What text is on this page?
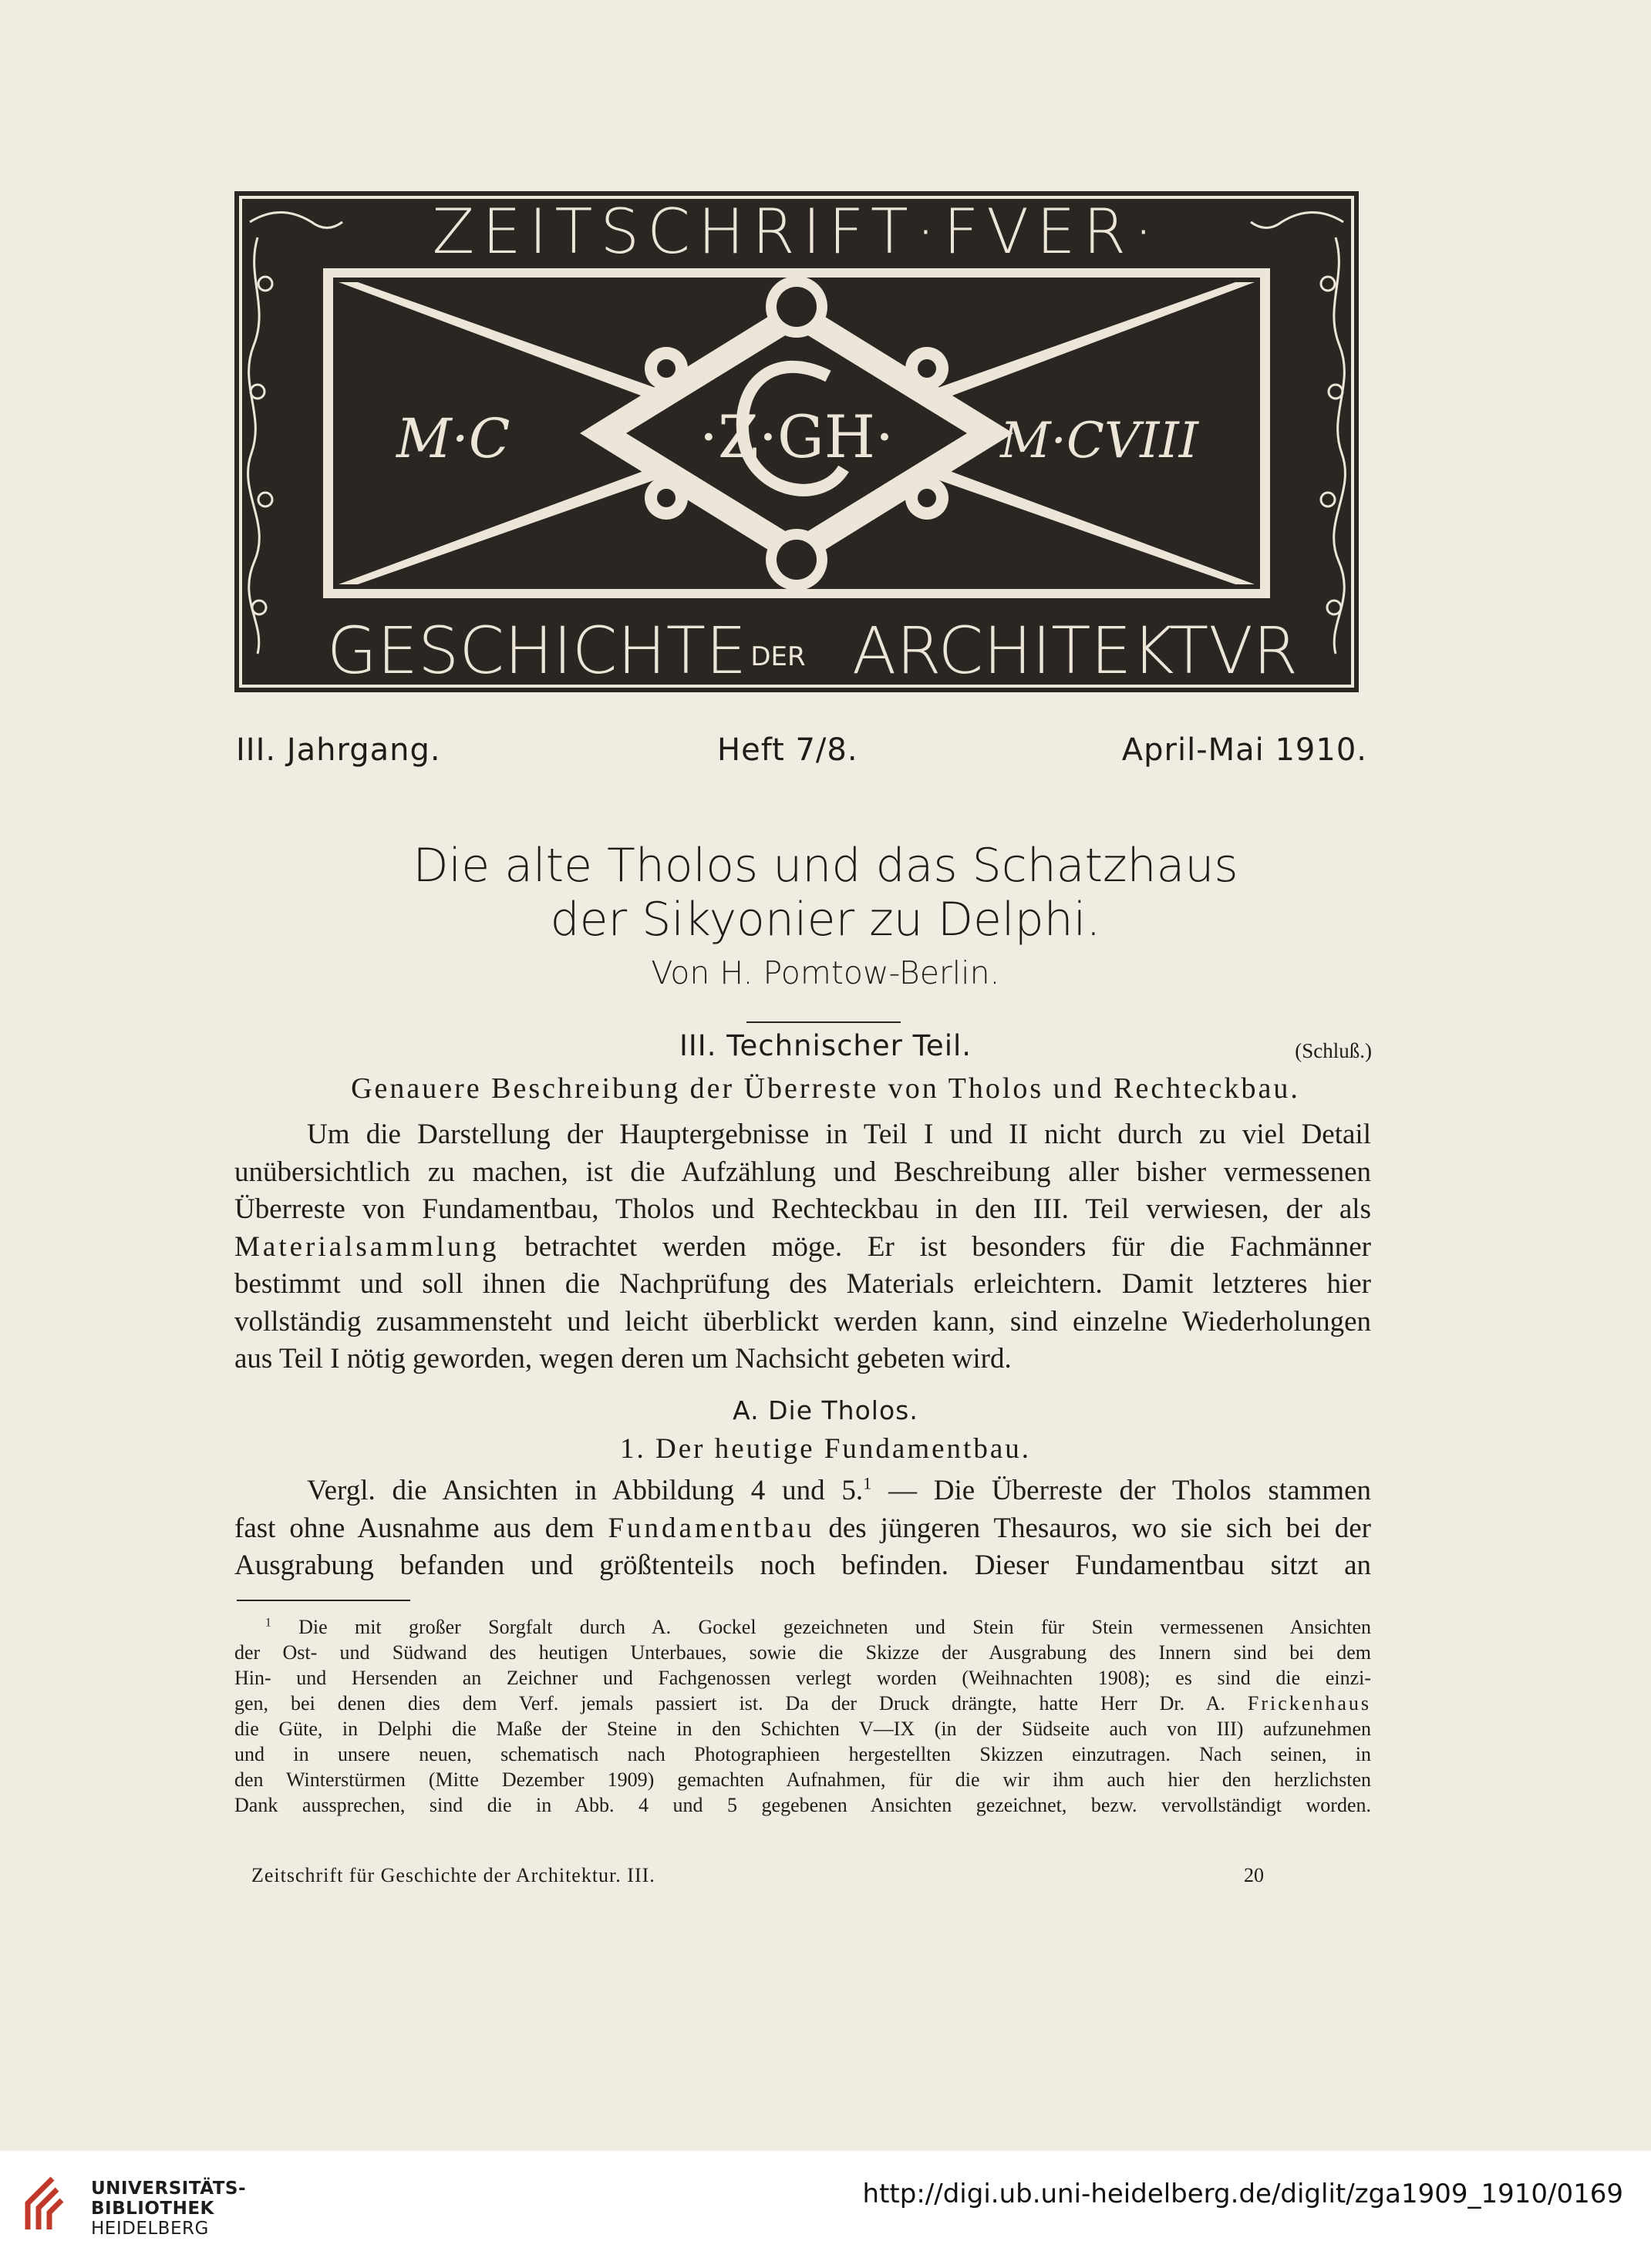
ZEITSCHRIFT·FVER·
·Z·GH·
M·C	M·CVIII
GESCHICHTE DER ARCHITEKTVR
III. Jahrgang.	Heft 7/8.	April-Mai 1910.
Die alte Tholos und das Schatzhaus
der Sikyonier zu Delphi.
Von H. Pomtow-Berlin.
III. Technischer Teil.	(Schluß.)
Genauere Beschreibung der Überreste von Tholos und Rechteckbau.

Um die Darstellung der Hauptergebnisse in Teil I und II nicht durch zu viel Detail

unübersichtlich zu machen, ist die Aufzählung und Beschreibung aller bisher vermessenen

Überreste von Fundamentbau, Tholos und Rechteckbau in den III. Teil verwiesen, der als

Materialsammlung betrachtet werden möge. Er ist besonders für die Fachmänner

bestimmt und soll ihnen die Nachprüfung des Materials erleichtern. Damit letzteres hier

vollständig zusammensteht und leicht überblickt werden kann, sind einzelne Wiederholungen

aus Teil I nötig geworden, wegen deren um Nachsicht gebeten wird.

A. Die Tholos.
1. Der heutige Fundamentbau.

Vergl. die Ansichten in Abbildung 4 und 5.$^1$ — Die Überreste der Tholos stammen

fast ohne Ausnahme aus dem Fundamentbau des jüngeren Thesauros, wo sie sich bei der

Ausgrabung befanden und größtenteils noch befinden. Dieser Fundamentbau sitzt an

$^1$ Die mit großer Sorgfalt durch A. Gockel gezeichneten und Stein für Stein vermessenen Ansichten

der Ost- und Südwand des heutigen Unterbaues, sowie die Skizze der Ausgrabung des Innern sind bei dem

Hin- und Hersenden an Zeichner und Fachgenossen verlegt worden (Weihnachten 1908); es sind die einzi-

gen, bei denen dies dem Verf. jemals passiert ist. Da der Druck drängte, hatte Herr Dr. A. Frickenhaus

die Güte, in Delphi die Maße der Steine in den Schichten V—IX (in der Südseite auch von III) aufzunehmen

und in unsere neuen, schematisch nach Photographieen hergestellten Skizzen einzutragen. Nach seinen, in

den Winterstürmen (Mitte Dezember 1909) gemachten Aufnahmen, für die wir ihm auch hier den herzlichsten

Dank aussprechen, sind die in Abb. 4 und 5 gegebenen Ansichten gezeichnet, bezw. vervollständigt worden.

Zeitschrift für Geschichte der Architektur. III.	20
UNIVERSITÄTS-
BIBLIOTHEK
HEIDELBERG
http://digi.ub.uni-heidelberg.de/diglit/zga1909_1910/0169
